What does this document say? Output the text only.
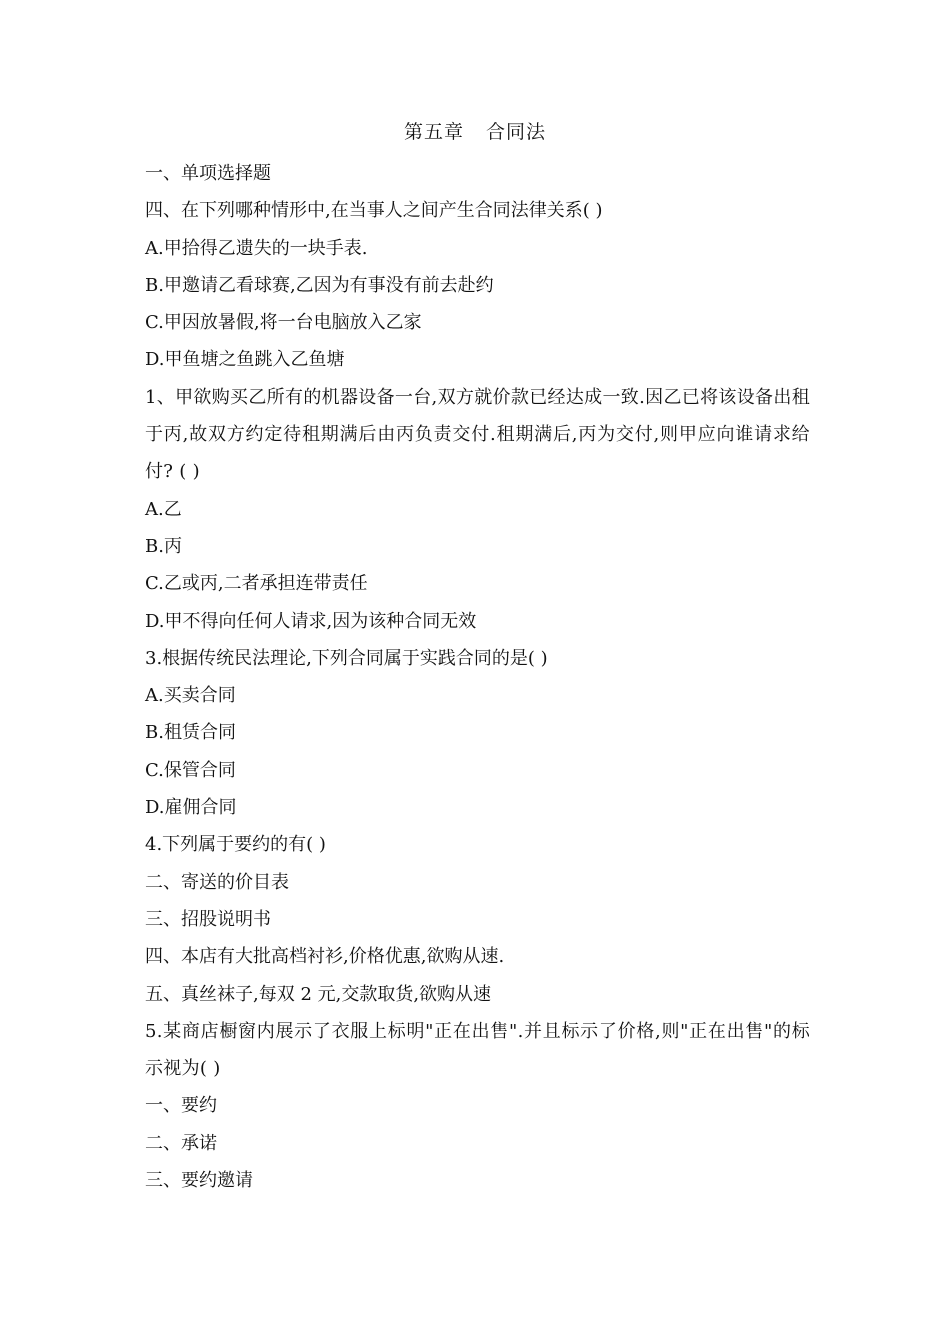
第五章 合同法
一、单项选择题
四、在下列哪种情形中,在当事人之间产生合同法律关系( )
A.甲拾得乙遗失的一块手表.
B.甲邀请乙看球赛,乙因为有事没有前去赴约
C.甲因放暑假,将一台电脑放入乙家
D.甲鱼塘之鱼跳入乙鱼塘
1、甲欲购买乙所有的机器设备一台,双方就价款已经达成一致.因乙已将该设备出租于丙,故双方约定待租期满后由丙负责交付.租期满后,丙为交付,则甲应向谁请求给付? ( )
A.乙
B.丙
C.乙或丙,二者承担连带责任
D.甲不得向任何人请求,因为该种合同无效
3.根据传统民法理论,下列合同属于实践合同的是( )
A.买卖合同
B.租赁合同
C.保管合同
D.雇佣合同
4.下列属于要约的有( )
二、寄送的价目表
三、招股说明书
四、本店有大批高档衬衫,价格优惠,欲购从速.
五、真丝袜子,每双 2 元,交款取货,欲购从速
5.某商店橱窗内展示了衣服上标明"正在出售".并且标示了价格,则"正在出售"的标示视为( )
一、要约
二、承诺
三、要约邀请
